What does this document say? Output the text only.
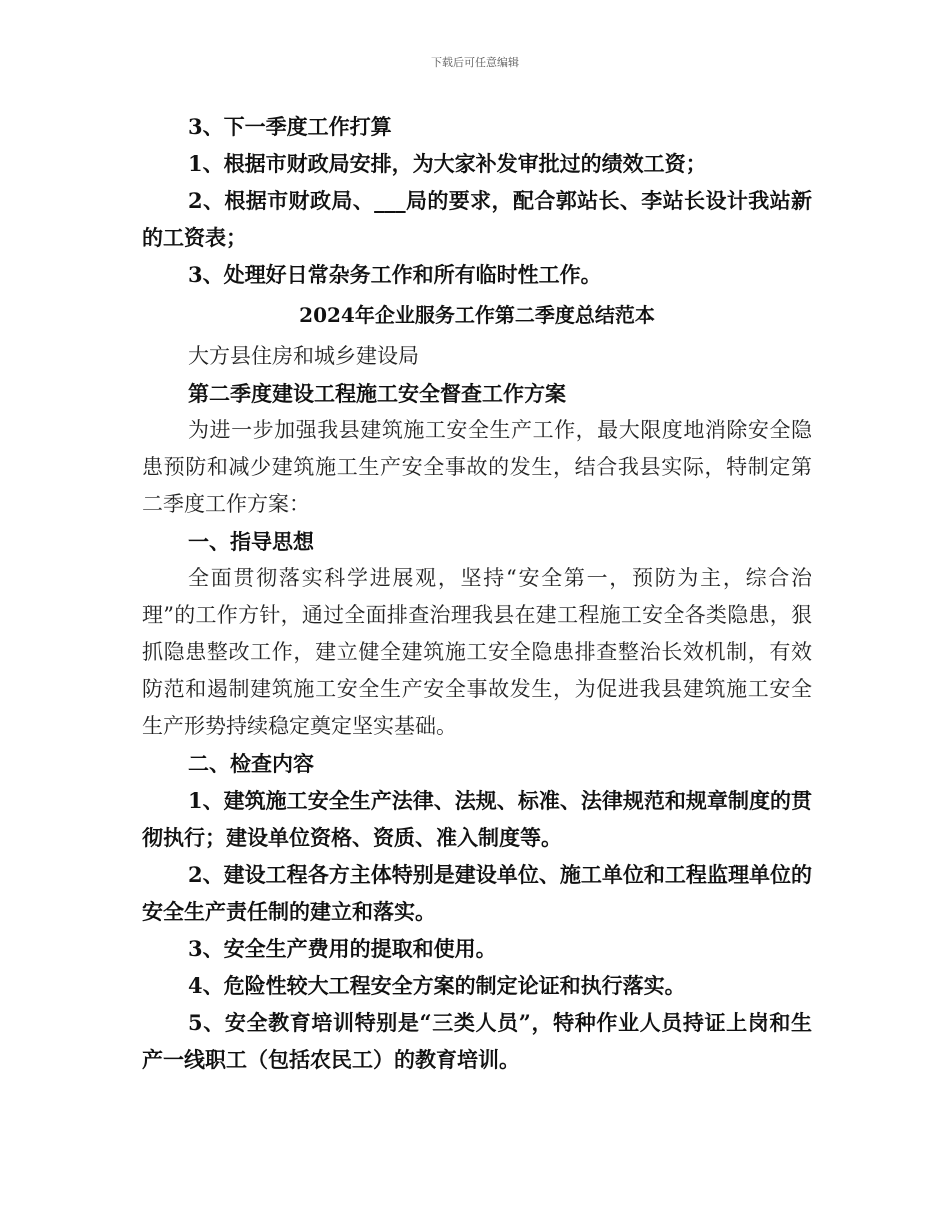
下载后可任意编辑

3、下一季度工作打算

1、根据市财政局安排，为大家补发审批过的绩效工资；

2、根据市财政局、___局的要求，配合郭站长、李站长设计我站新的工资表；

3、处理好日常杂务工作和所有临时性工作。

2024年企业服务工作第二季度总结范本

大方县住房和城乡建设局

第二季度建设工程施工安全督查工作方案

为进一步加强我县建筑施工安全生产工作，最大限度地消除安全隐患预防和减少建筑施工生产安全事故的发生，结合我县实际，特制定第二季度工作方案：

一、指导思想

全面贯彻落实科学进展观，坚持“安全第一，预防为主，综合治理”的工作方针，通过全面排查治理我县在建工程施工安全各类隐患，狠抓隐患整改工作，建立健全建筑施工安全隐患排查整治长效机制，有效防范和遏制建筑施工安全生产安全事故发生，为促进我县建筑施工安全生产形势持续稳定奠定坚实基础。

二、检查内容

1、建筑施工安全生产法律、法规、标准、法律规范和规章制度的贯彻执行；建设单位资格、资质、准入制度等。

2、建设工程各方主体特别是建设单位、施工单位和工程监理单位的安全生产责任制的建立和落实。

3、安全生产费用的提取和使用。

4、危险性较大工程安全方案的制定论证和执行落实。

5、安全教育培训特别是“三类人员”，特种作业人员持证上岗和生产一线职工（包括农民工）的教育培训。
